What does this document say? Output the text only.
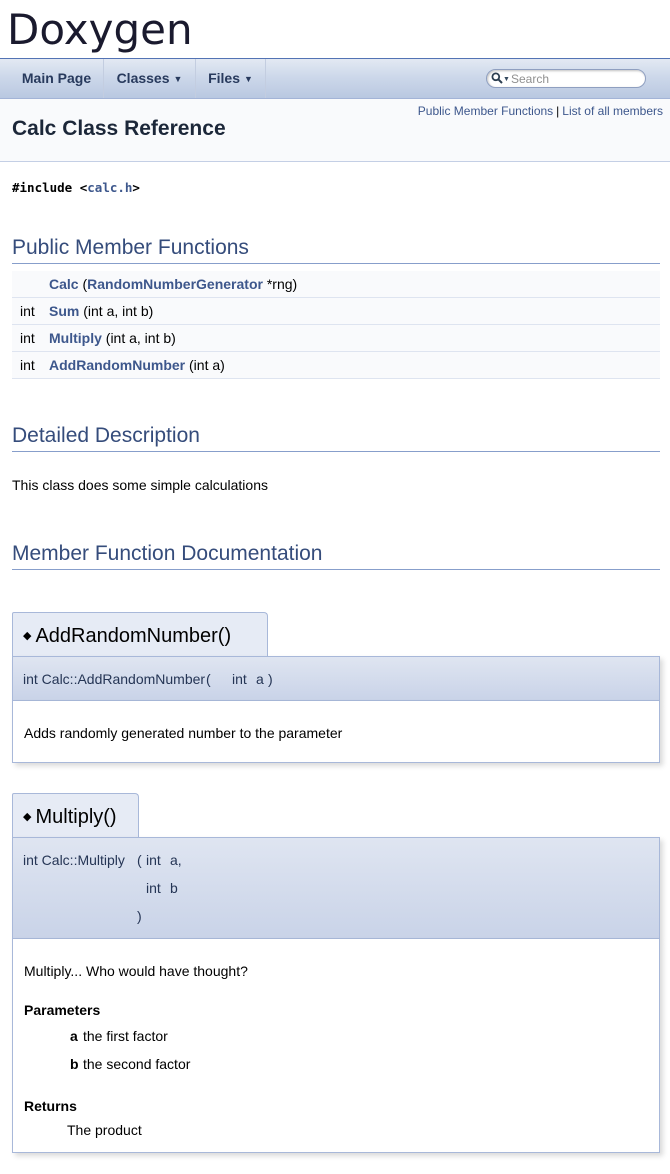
Doxygen
Main Page	Classes ▼	Files ▼	▼
Search
Public Member Functions | List of all members
Calc Class Reference
#include <calc.h>
Public Member Functions
	Calc (RandomNumberGenerator *rng)
int	Sum (int a, int b)
int	Multiply (int a, int b)
int	AddRandomNumber (int a)
Detailed Description
This class does some simple calculations
Member Function Documentation
◆ AddRandomNumber()
int Calc::AddRandomNumber ( int a )
Adds randomly generated number to the parameter
◆ Multiply()
int Calc::Multiply ( int a,
int b
)
Multiply... Who would have thought?
Parameters
a the first factor
b the second factor
Returns
The product
